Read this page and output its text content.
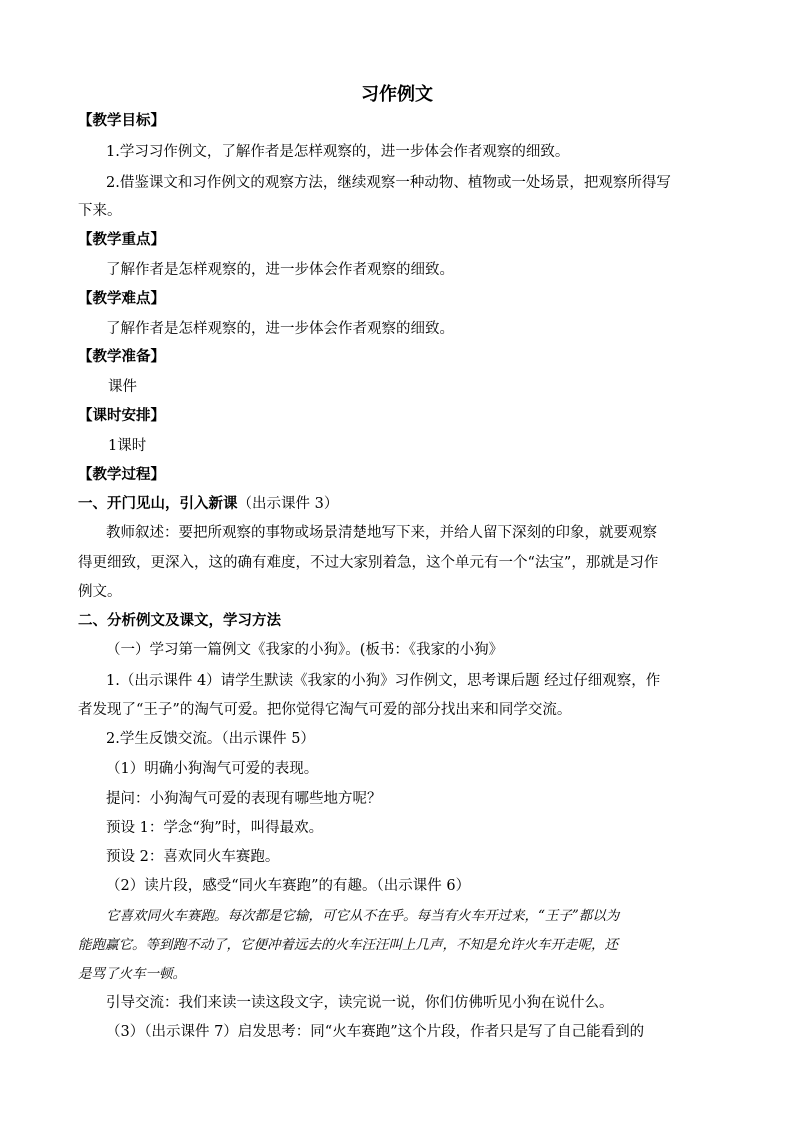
习作例文
【教学目标】
1.学习习作例文，了解作者是怎样观察的，进一步体会作者观察的细致。
2.借鉴课文和习作例文的观察方法，继续观察一种动物、植物或一处场景，把观察所得写
下来。
【教学重点】
了解作者是怎样观察的，进一步体会作者观察的细致。
【教学难点】
了解作者是怎样观察的，进一步体会作者观察的细致。
【教学准备】
课件
【课时安排】
1课时
【教学过程】
一、开门见山，引入新课（出示课件 3）
教师叙述：要把所观察的事物或场景清楚地写下来，并给人留下深刻的印象，就要观察
得更细致，更深入，这的确有难度，不过大家别着急，这个单元有一个“法宝”，那就是习作
例文。
二、分析例文及课文，学习方法
（一）学习第一篇例文《我家的小狗》。(板书：《我家的小狗》
1.（出示课件 4）请学生默读《我家的小狗》习作例文，思考课后题 经过仔细观察，作
者发现了“王子”的淘气可爱。把你觉得它淘气可爱的部分找出来和同学交流。
2.学生反馈交流。（出示课件 5）
（1）明确小狗淘气可爱的表现。
提问：小狗淘气可爱的表现有哪些地方呢？
预设 1：学念“狗”时，叫得最欢。
预设 2：喜欢同火车赛跑。
（2）读片段，感受“同火车赛跑”的有趣。（出示课件 6）
它喜欢同火车赛跑。每次都是它输，可它从不在乎。每当有火车开过来，“王子”都以为
能跑赢它。等到跑不动了，它便冲着远去的火车汪汪叫上几声，不知是允许火车开走呢，还
是骂了火车一顿。
引导交流：我们来读一读这段文字，读完说一说，你们仿佛听见小狗在说什么。
（3）（出示课件 7）启发思考：同“火车赛跑”这个片段，作者只是写了自己能看到的
